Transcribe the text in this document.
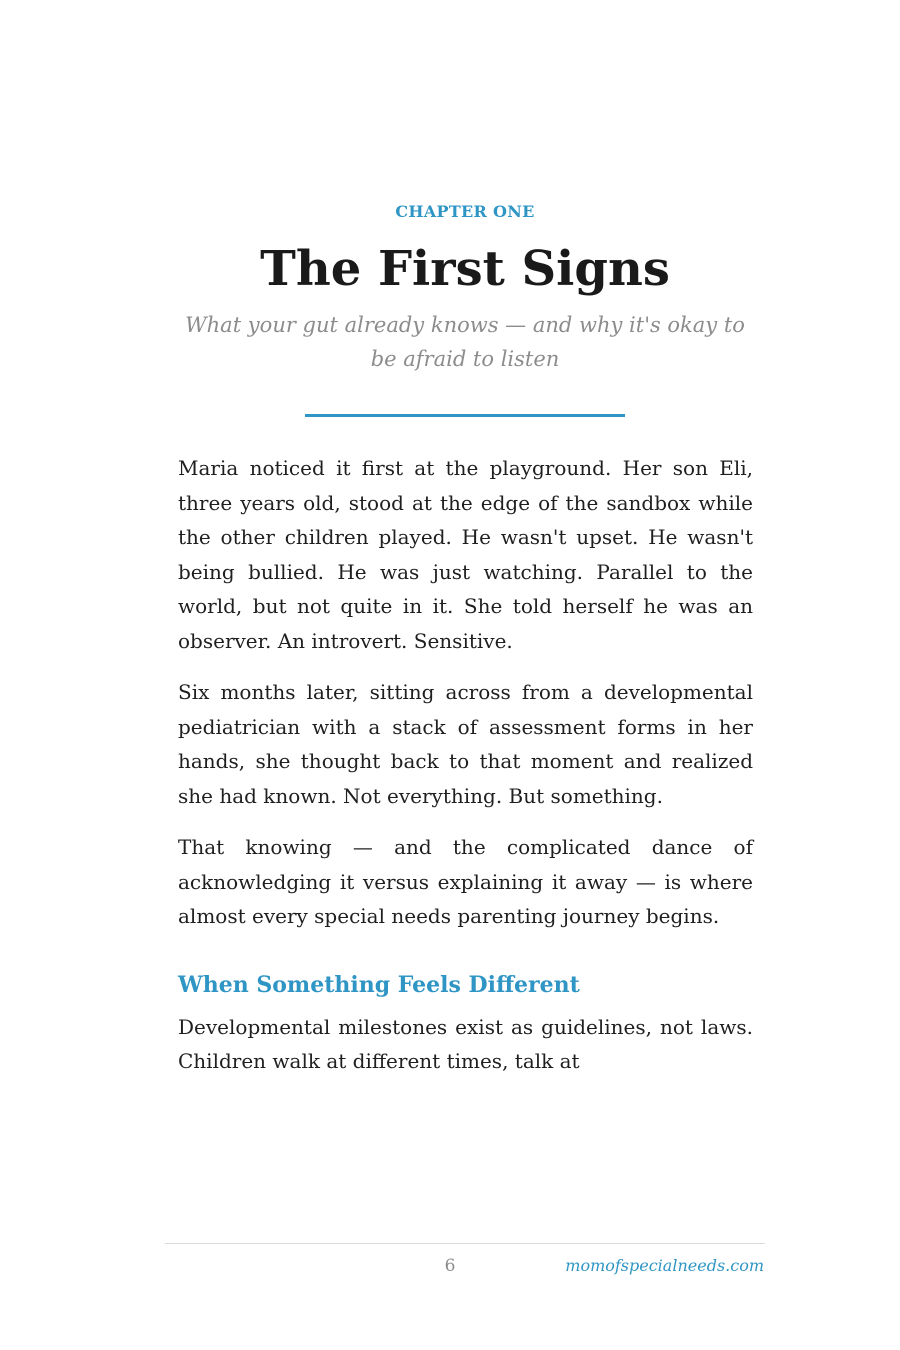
CHAPTER ONE
The First Signs
What your gut already knows — and why it's okay to be afraid to listen

Maria noticed it first at the playground. Her son Eli, three years old, stood at the edge of the sandbox while the other children played. He wasn't upset. He wasn't being bullied. He was just watching. Parallel to the world, but not quite in it. She told herself he was an observer. An introvert. Sensitive.

Six months later, sitting across from a developmental pediatrician with a stack of assessment forms in her hands, she thought back to that moment and realized she had known. Not everything. But something.

That knowing — and the complicated dance of acknowledging it versus explaining it away — is where almost every special needs parenting journey begins.

When Something Feels Different

Developmental milestones exist as guidelines, not laws. Children walk at different times, talk at

6	momofspecialneeds.com
